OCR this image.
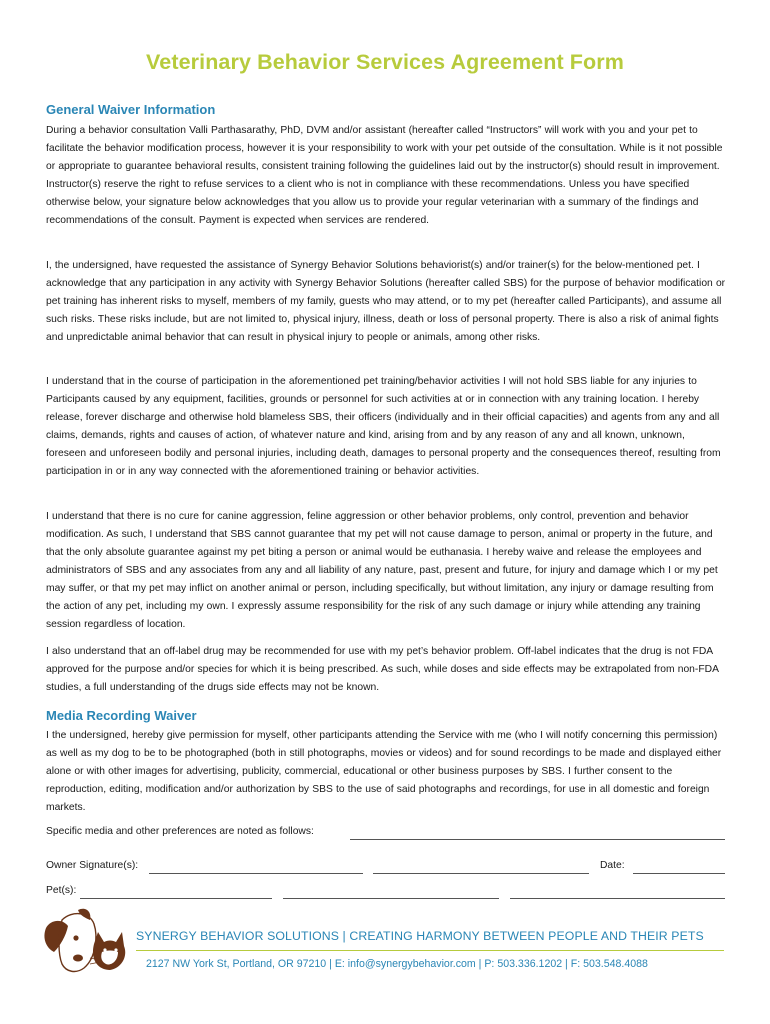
Veterinary Behavior Services Agreement Form
General Waiver Information

During a behavior consultation Valli Parthasarathy, PhD, DVM and/or assistant (hereafter called “Instructors” will work with you and your pet to facilitate the behavior modification process, however it is your responsibility to work with your pet outside of the consultation. While is it not possible or appropriate to guarantee behavioral results, consistent training following the guidelines laid out by the instructor(s) should result in improvement. Instructor(s) reserve the right to refuse services to a client who is not in compliance with these recommendations. Unless you have specified otherwise below, your signature below acknowledges that you allow us to provide your regular veterinarian with a summary of the findings and recommendations of the consult. Payment is expected when services are rendered.

I, the undersigned, have requested the assistance of Synergy Behavior Solutions behaviorist(s) and/or trainer(s) for the below-mentioned pet. I acknowledge that any participation in any activity with Synergy Behavior Solutions (hereafter called SBS) for the purpose of behavior modification or pet training has inherent risks to myself, members of my family, guests who may attend, or to my pet (hereafter called Participants), and assume all such risks. These risks include, but are not limited to, physical injury, illness, death or loss of personal property. There is also a risk of animal fights and unpredictable animal behavior that can result in physical injury to people or animals, among other risks.

I understand that in the course of participation in the aforementioned pet training/behavior activities I will not hold SBS liable for any injuries to Participants caused by any equipment, facilities, grounds or personnel for such activities at or in connection with any training location. I hereby release, forever discharge and otherwise hold blameless SBS, their officers (individually and in their official capacities) and agents from any and all claims, demands, rights and causes of action, of whatever nature and kind, arising from and by any reason of any and all known, unknown, foreseen and unforeseen bodily and personal injuries, including death, damages to personal property and the consequences thereof, resulting from participation in or in any way connected with the aforementioned training or behavior activities.

I understand that there is no cure for canine aggression, feline aggression or other behavior problems, only control, prevention and behavior modification. As such, I understand that SBS cannot guarantee that my pet will not cause damage to person, animal or property in the future, and that the only absolute guarantee against my pet biting a person or animal would be euthanasia. I hereby waive and release the employees and administrators of SBS and any associates from any and all liability of any nature, past, present and future, for injury and damage which I or my pet may suffer, or that my pet may inflict on another animal or person, including specifically, but without limitation, any injury or damage resulting from the action of any pet, including my own. I expressly assume responsibility for the risk of any such damage or injury while attending any training session regardless of location.

I also understand that an off-label drug may be recommended for use with my pet’s behavior problem. Off-label indicates that the drug is not FDA approved for the purpose and/or species for which it is being prescribed. As such, while doses and side effects may be extrapolated from non-FDA studies, a full understanding of the drugs side effects may not be known.

Media Recording Waiver

I the undersigned, hereby give permission for myself, other participants attending the Service with me (who I will notify concerning this permission) as well as my dog to be to be photographed (both in still photographs, movies or videos) and for sound recordings to be made and displayed either alone or with other images for advertising, publicity, commercial, educational or other business purposes by SBS. I further consent to the reproduction, editing, modification and/or authorization by SBS to the use of said photographs and recordings, for use in all domestic and foreign markets.

Specific media and other preferences are noted as follows:
Owner Signature(s):	Date:
Pet(s):
SYNERGY BEHAVIOR SOLUTIONS | CREATING HARMONY BETWEEN PEOPLE AND THEIR PETS
2127 NW York St, Portland, OR 97210 | E: info@synergybehavior.com | P: 503.336.1202 | F: 503.548.4088
